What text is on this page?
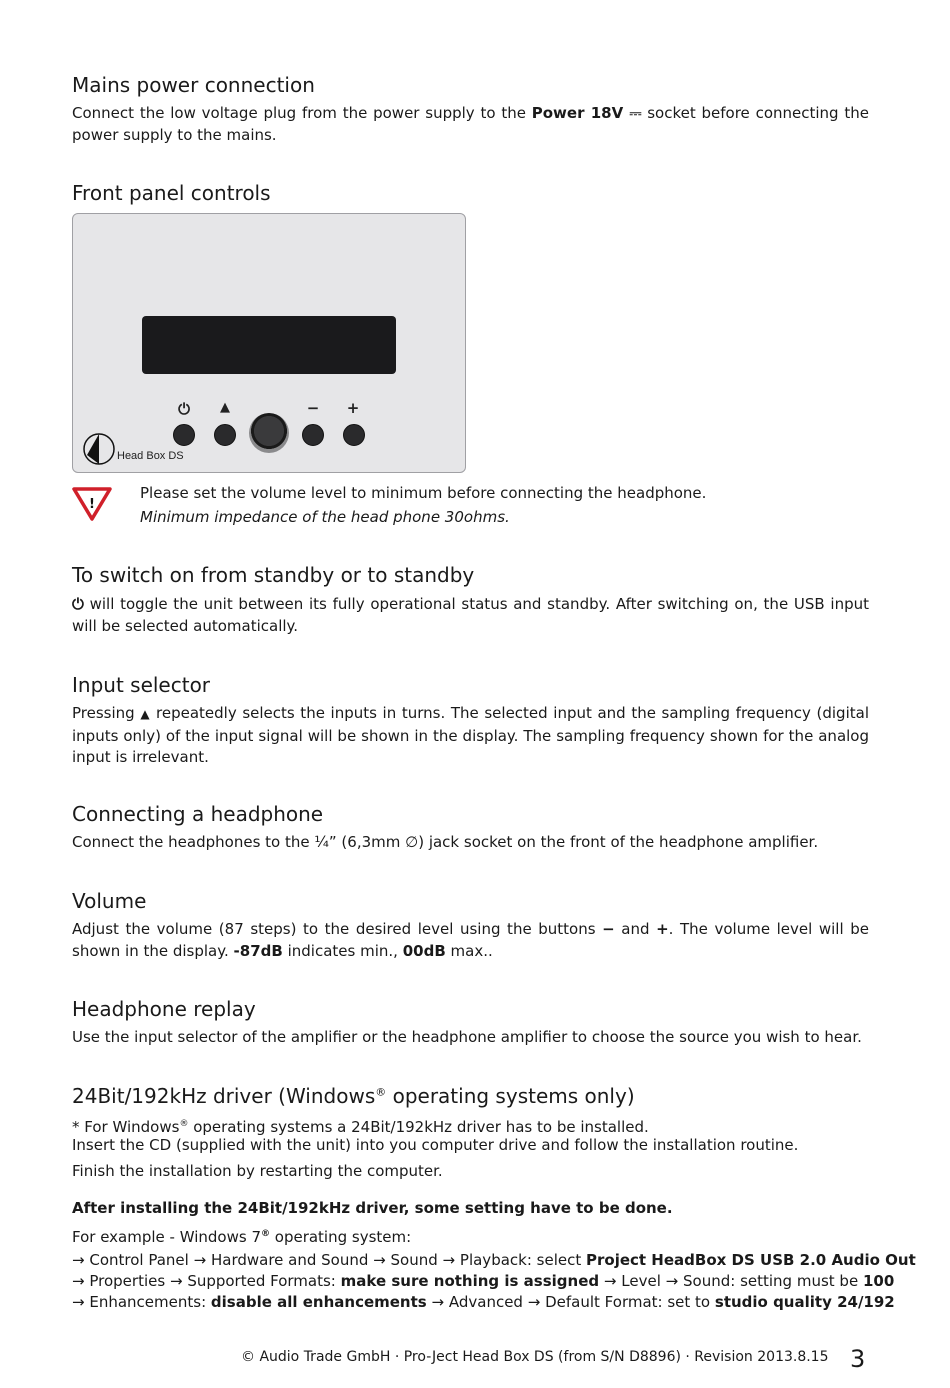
Mains power connection
Connect the low voltage plug from the power supply to the Power 18V ⎓ socket before connecting the power supply to the mains.
Front panel controls
⏻	▲	− +
Head Box DS
!
Please set the volume level to minimum before connecting the headphone.
Minimum impedance of the head phone 30ohms.
To switch on from standby or to standby
⏻ will toggle the unit between its fully operational status and standby. After switching on, the USB input will be selected automatically.
Input selector
Pressing ▲ repeatedly selects the inputs in turns. The selected input and the sampling frequency (digital inputs only) of the input signal will be shown in the display. The sampling frequency shown for the analog input is irrelevant.
Connecting a headphone
Connect the headphones to the ¼” (6,3mm ∅) jack socket on the front of the headphone amplifier.
Volume
Adjust the volume (87 steps) to the desired level using the buttons − and +. The volume level will be shown in the display. -87dB indicates min., 00dB max..
Headphone replay
Use the input selector of the amplifier or the headphone amplifier to choose the source you wish to hear.
24Bit/192kHz driver (Windows® operating systems only)
* For Windows® operating systems a 24Bit/192kHz driver has to be installed.
Insert the CD (supplied with the unit) into you computer drive and follow the installation routine.
Finish the installation by restarting the computer.
After installing the 24Bit/192kHz driver, some setting have to be done.
For example - Windows 7® operating system:
→ Control Panel → Hardware and Sound → Sound → Playback: select Project HeadBox DS USB 2.0 Audio Out
→ Properties → Supported Formats: make sure nothing is assigned → Level → Sound: setting must be 100
→ Enhancements: disable all enhancements → Advanced → Default Format: set to studio quality 24/192
© Audio Trade GmbH · Pro-Ject Head Box DS (from S/N D8896) · Revision 2013.8.15 3
